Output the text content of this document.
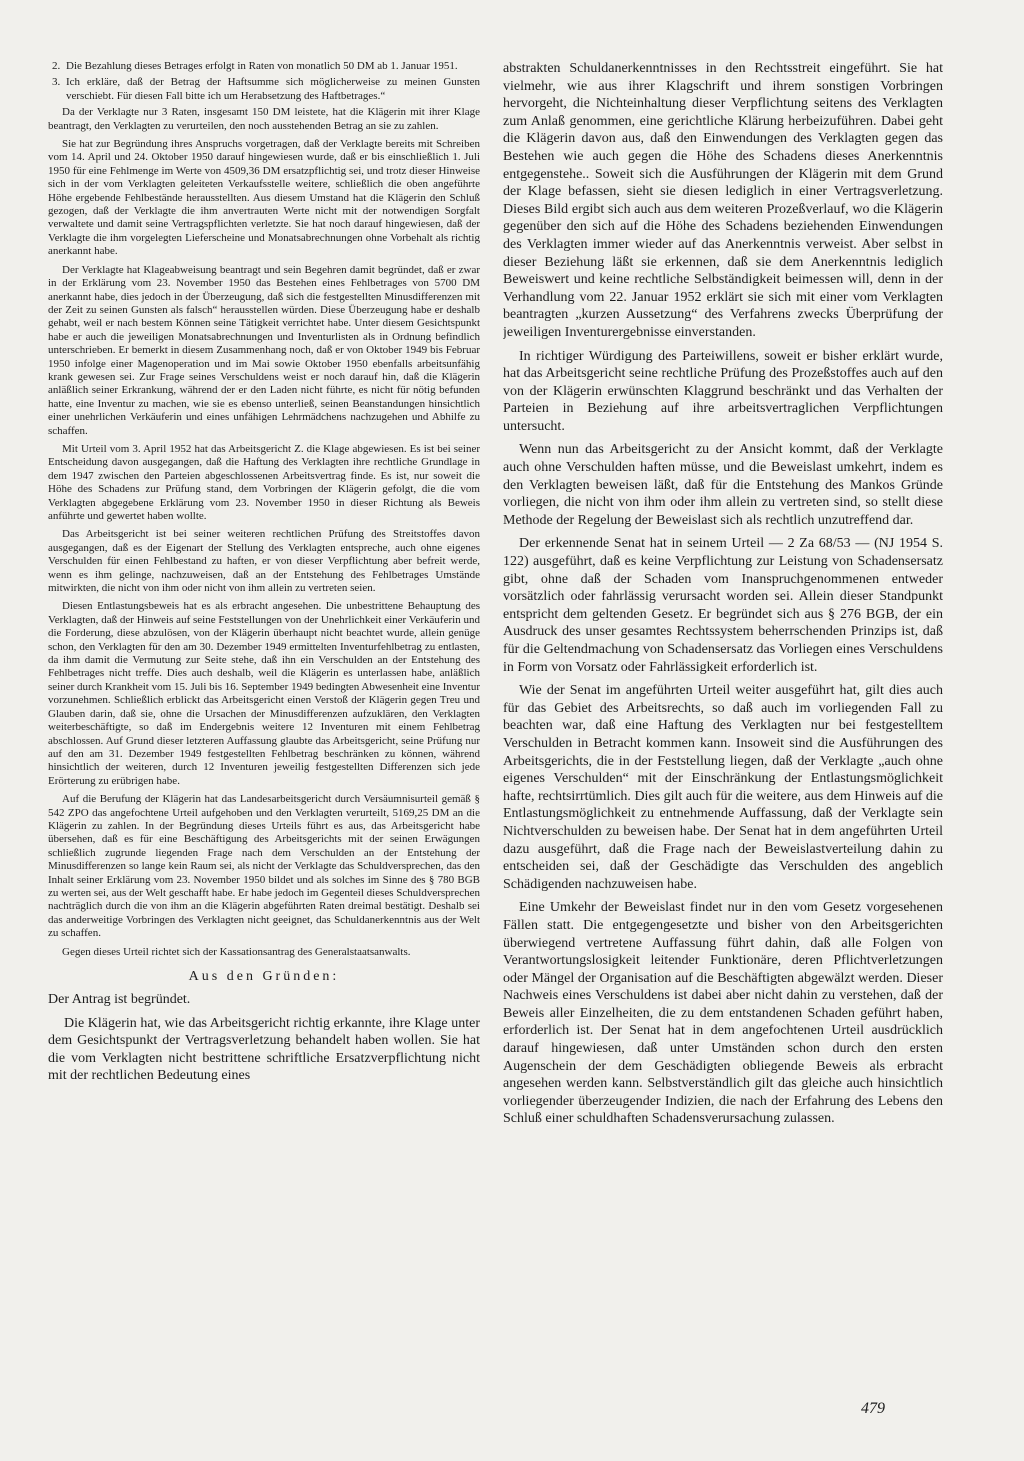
2. Die Bezahlung dieses Betrages erfolgt in Raten von monatlich 50 DM ab 1. Januar 1951.
3. Ich erkläre, daß der Betrag der Haftsumme sich möglicherweise zu meinen Gunsten verschiebt. Für diesen Fall bitte ich um Herabsetzung des Haftbetrages.“

Da der Verklagte nur 3 Raten, insgesamt 150 DM leistete, hat die Klägerin mit ihrer Klage beantragt, den Verklagten zu verurteilen, den noch ausstehenden Betrag an sie zu zahlen.

Sie hat zur Begründung ihres Anspruchs vorgetragen, daß der Verklagte bereits mit Schreiben vom 14. April und 24. Oktober 1950 darauf hingewiesen wurde, daß er bis einschließlich 1. Juli 1950 für eine Fehlmenge im Werte von 4509,36 DM ersatzpflichtig sei, und trotz dieser Hinweise sich in der vom Verklagten geleiteten Verkaufsstelle weitere, schließlich die oben angeführte Höhe ergebende Fehlbestände herausstellten. Aus diesem Umstand hat die Klägerin den Schluß gezogen, daß der Verklagte die ihm anvertrauten Werte nicht mit der notwendigen Sorgfalt verwaltete und damit seine Vertragspflichten verletzte. Sie hat noch darauf hingewiesen, daß der Verklagte die ihm vorgelegten Lieferscheine und Monatsabrechnungen ohne Vorbehalt als richtig anerkannt habe.

Der Verklagte hat Klageabweisung beantragt und sein Begehren damit begründet, daß er zwar in der Erklärung vom 23. November 1950 das Bestehen eines Fehlbetrages von 5700 DM anerkannt habe, dies jedoch in der Überzeugung, daß sich die festgestellten Minusdifferenzen mit der Zeit zu seinen Gunsten als falsch“ herausstellen würden. Diese Überzeugung habe er deshalb gehabt, weil er nach bestem Können seine Tätigkeit verrichtet habe. Unter diesem Gesichtspunkt habe er auch die jeweiligen Monatsabrechnungen und Inventurlisten als in Ordnung befindlich unterschrieben. Er bemerkt in diesem Zusammenhang noch, daß er von Oktober 1949 bis Februar 1950 infolge einer Magenoperation und im Mai sowie Oktober 1950 ebenfalls arbeitsunfähig krank gewesen sei. Zur Frage seines Verschuldens weist er noch darauf hin, daß die Klägerin anläßlich seiner Erkrankung, während der er den Laden nicht führte, es nicht für nötig befunden hatte, eine Inventur zu machen, wie sie es ebenso unterließ, seinen Beanstandungen hinsichtlich einer unehrlichen Verkäuferin und eines unfähigen Lehrmädchens nachzugehen und Abhilfe zu schaffen.

Mit Urteil vom 3. April 1952 hat das Arbeitsgericht Z. die Klage abgewiesen. Es ist bei seiner Entscheidung davon ausgegangen, daß die Haftung des Verklagten ihre rechtliche Grundlage in dem 1947 zwischen den Parteien abgeschlossenen Arbeitsvertrag finde. Es ist, nur soweit die Höhe des Schadens zur Prüfung stand, dem Vorbringen der Klägerin gefolgt, die die vom Verklagten abgegebene Erklärung vom 23. November 1950 in dieser Richtung als Beweis anführte und gewertet haben wollte.

Das Arbeitsgericht ist bei seiner weiteren rechtlichen Prüfung des Streitstoffes davon ausgegangen, daß es der Eigenart der Stellung des Verklagten entspreche, auch ohne eigenes Verschulden für einen Fehlbestand zu haften, er von dieser Verpflichtung aber befreit werde, wenn es ihm gelinge, nachzuweisen, daß an der Entstehung des Fehlbetrages Umstände mitwirkten, die nicht von ihm oder nicht von ihm allein zu vertreten seien.

Diesen Entlastungsbeweis hat es als erbracht angesehen. Die unbestrittene Behauptung des Verklagten, daß der Hinweis auf seine Feststellungen von der Unehrlichkeit einer Verkäuferin und die Forderung, diese abzulösen, von der Klägerin überhaupt nicht beachtet wurde, allein genüge schon, den Verklagten für den am 30. Dezember 1949 ermittelten Inventurfehlbetrag zu entlasten, da ihm damit die Vermutung zur Seite stehe, daß ihn ein Verschulden an der Entstehung des Fehlbetrages nicht treffe. Dies auch deshalb, weil die Klägerin es unterlassen habe, anläßlich seiner durch Krankheit vom 15. Juli bis 16. September 1949 bedingten Abwesenheit eine Inventur vorzunehmen. Schließlich erblickt das Arbeitsgericht einen Verstoß der Klägerin gegen Treu und Glauben darin, daß sie, ohne die Ursachen der Minusdifferenzen aufzuklären, den Verklagten weiterbeschäftigte, so daß im Endergebnis weitere 12 Inventuren mit einem Fehlbetrag abschlossen. Auf Grund dieser letzteren Auffassung glaubte das Arbeitsgericht, seine Prüfung nur auf den am 31. Dezember 1949 festgestellten Fehlbetrag beschränken zu können, während hinsichtlich der weiteren, durch 12 Inventuren jeweilig festgestellten Differenzen sich jede Erörterung zu erübrigen habe.

Auf die Berufung der Klägerin hat das Landesarbeitsgericht durch Versäumnisurteil gemäß § 542 ZPO das angefochtene Urteil aufgehoben und den Verklagten verurteilt, 5169,25 DM an die Klägerin zu zahlen. In der Begründung dieses Urteils führt es aus, das Arbeitsgericht habe übersehen, daß es für eine Beschäftigung des Arbeitsgerichts mit der seinen Erwägungen schließlich zugrunde liegenden Frage nach dem Verschulden an der Entstehung der Minusdifferenzen so lange kein Raum sei, als nicht der Verklagte das Schuldversprechen, das den Inhalt seiner Erklärung vom 23. November 1950 bildet und als solches im Sinne des § 780 BGB zu werten sei, aus der Welt geschafft habe. Er habe jedoch im Gegenteil dieses Schuldversprechen nachträglich durch die von ihm an die Klägerin abgeführten Raten dreimal bestätigt. Deshalb sei das anderweitige Vorbringen des Verklagten nicht geeignet, das Schuldanerkenntnis aus der Welt zu schaffen.

Gegen dieses Urteil richtet sich der Kassationsantrag des Generalstaatsanwalts.

Aus den Gründen:

Der Antrag ist begründet.

Die Klägerin hat, wie das Arbeitsgericht richtig erkannte, ihre Klage unter dem Gesichtspunkt der Vertragsverletzung behandelt haben wollen. Sie hat die vom Verklagten nicht bestrittene schriftliche Ersatzverpflichtung nicht mit der rechtlichen Bedeutung eines

abstrakten Schuldanerkenntnisses in den Rechtsstreit eingeführt. Sie hat vielmehr, wie aus ihrer Klagschrift und ihrem sonstigen Vorbringen hervorgeht, die Nichteinhaltung dieser Verpflichtung seitens des Verklagten zum Anlaß genommen, eine gerichtliche Klärung herbeizuführen. Dabei geht die Klägerin davon aus, daß den Einwendungen des Verklagten gegen das Bestehen wie auch gegen die Höhe des Schadens dieses Anerkenntnis entgegenstehe.. Soweit sich die Ausführungen der Klägerin mit dem Grund der Klage befassen, sieht sie diesen lediglich in einer Vertragsverletzung. Dieses Bild ergibt sich auch aus dem weiteren Prozeßverlauf, wo die Klägerin gegenüber den sich auf die Höhe des Schadens beziehenden Einwendungen des Verklagten immer wieder auf das Anerkenntnis verweist. Aber selbst in dieser Beziehung läßt sie erkennen, daß sie dem Anerkenntnis lediglich Beweiswert und keine rechtliche Selbständigkeit beimessen will, denn in der Verhandlung vom 22. Januar 1952 erklärt sie sich mit einer vom Verklagten beantragten „kurzen Aussetzung“ des Verfahrens zwecks Überprüfung der jeweiligen Inventurergebnisse einverstanden.

In richtiger Würdigung des Parteiwillens, soweit er bisher erklärt wurde, hat das Arbeitsgericht seine rechtliche Prüfung des Prozeßstoffes auch auf den von der Klägerin erwünschten Klaggrund beschränkt und das Verhalten der Parteien in Beziehung auf ihre arbeitsvertraglichen Verpflichtungen untersucht.

Wenn nun das Arbeitsgericht zu der Ansicht kommt, daß der Verklagte auch ohne Verschulden haften müsse, und die Beweislast umkehrt, indem es den Verklagten beweisen läßt, daß für die Entstehung des Mankos Gründe vorliegen, die nicht von ihm oder ihm allein zu vertreten sind, so stellt diese Methode der Regelung der Beweislast sich als rechtlich unzutreffend dar.

Der erkennende Senat hat in seinem Urteil — 2 Za 68/53 — (NJ 1954 S. 122) ausgeführt, daß es keine Verpflichtung zur Leistung von Schadensersatz gibt, ohne daß der Schaden vom Inanspruchgenommenen entweder vorsätzlich oder fahrlässig verursacht worden sei. Allein dieser Standpunkt entspricht dem geltenden Gesetz. Er begründet sich aus § 276 BGB, der ein Ausdruck des unser gesamtes Rechtssystem beherrschenden Prinzips ist, daß für die Geltendmachung von Schadensersatz das Vorliegen eines Verschuldens in Form von Vorsatz oder Fahrlässigkeit erforderlich ist.

Wie der Senat im angeführten Urteil weiter ausgeführt hat, gilt dies auch für das Gebiet des Arbeitsrechts, so daß auch im vorliegenden Fall zu beachten war, daß eine Haftung des Verklagten nur bei festgestelltem Verschulden in Betracht kommen kann. Insoweit sind die Ausführungen des Arbeitsgerichts, die in der Feststellung liegen, daß der Verklagte „auch ohne eigenes Verschulden“ mit der Einschränkung der Entlastungsmöglichkeit hafte, rechtsirrtümlich. Dies gilt auch für die weitere, aus dem Hinweis auf die Entlastungsmöglichkeit zu entnehmende Auffassung, daß der Verklagte sein Nichtverschulden zu beweisen habe. Der Senat hat in dem angeführten Urteil dazu ausgeführt, daß die Frage nach der Beweislastverteilung dahin zu entscheiden sei, daß der Geschädigte das Verschulden des angeblich Schädigenden nachzuweisen habe.

Eine Umkehr der Beweislast findet nur in den vom Gesetz vorgesehenen Fällen statt. Die entgegengesetzte und bisher von den Arbeitsgerichten überwiegend vertretene Auffassung führt dahin, daß alle Folgen von Verantwortungslosigkeit leitender Funktionäre, deren Pflichtverletzungen oder Mängel der Organisation auf die Beschäftigten abgewälzt werden. Dieser Nachweis eines Verschuldens ist dabei aber nicht dahin zu verstehen, daß der Beweis aller Einzelheiten, die zu dem entstandenen Schaden geführt haben, erforderlich ist. Der Senat hat in dem angefochtenen Urteil ausdrücklich darauf hingewiesen, daß unter Umständen schon durch den ersten Augenschein der dem Geschädigten obliegende Beweis als erbracht angesehen werden kann. Selbstverständlich gilt das gleiche auch hinsichtlich vorliegender überzeugender Indizien, die nach der Erfahrung des Lebens den Schluß einer schuldhaften Schadensverursachung zulassen.

479
